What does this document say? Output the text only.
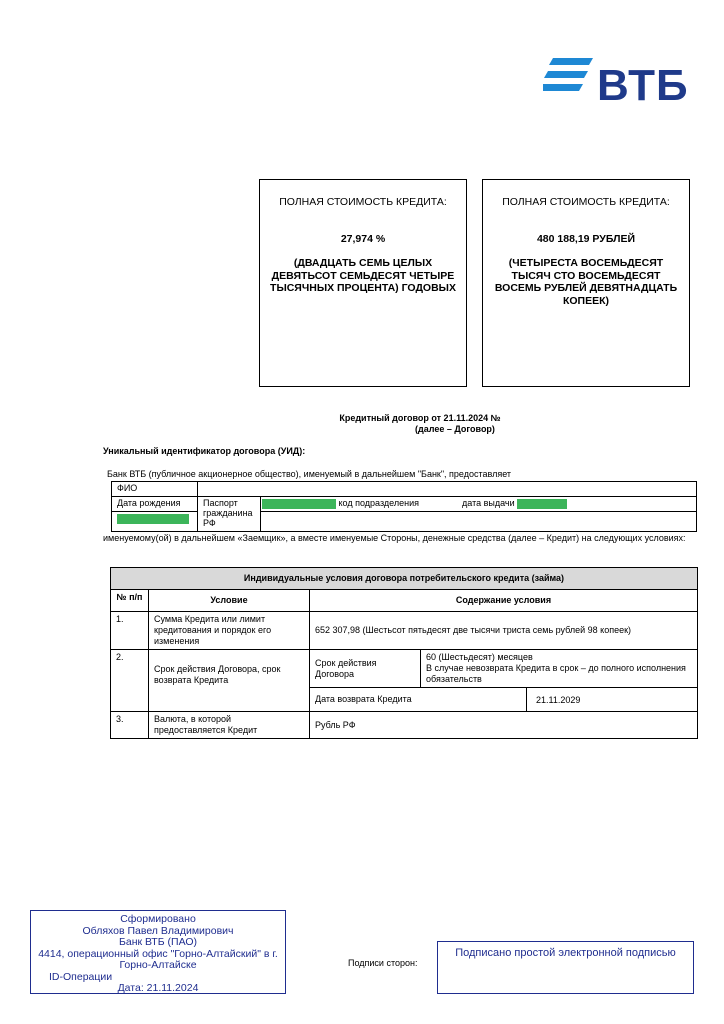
ВТБ
ПОЛНАЯ СТОИМОСТЬ КРЕДИТА:
27,974 %
(ДВАДЦАТЬ СЕМЬ ЦЕЛЫХ ДЕВЯТЬСОТ СЕМЬДЕСЯТ ЧЕТЫРЕ ТЫСЯЧНЫХ ПРОЦЕНТА) ГОДОВЫХ
ПОЛНАЯ СТОИМОСТЬ КРЕДИТА:
480 188,19 РУБЛЕЙ
(ЧЕТЫРЕСТА ВОСЕМЬДЕСЯТ ТЫСЯЧ СТО ВОСЕМЬДЕСЯТ ВОСЕМЬ РУБЛЕЙ ДЕВЯТНАДЦАТЬ КОПЕЕК)
Кредитный договор от 21.11.2024 №
(далее – Договор)
Уникальный идентификатор договора (УИД):
Банк ВТБ (публичное акционерное общество), именуемый в дальнейшем "Банк", предоставляет
ФИО		
Дата рождения	Паспорт гражданина РФ	код подразделения дата выдачи

именуемому(ой) в дальнейшем «Заемщик», а вместе именуемые Стороны, денежные средства (далее – Кредит) на следующих условиях:
Индивидуальные условия договора потребительского кредита (займа)			
№ п/п	Условие	Содержание условия	
1.	Сумма Кредита или лимит кредитования и порядок его изменения	652 307,98 (Шестьсот пятьдесят две тысячи триста семь рублей 98 копеек)	
2.	Срок действия Договора, срок возврата Кредита	Срок действия Договора	60 (Шестьдесят) месяцев
В случае невозврата Кредита в срок – до полного исполнения обязательств

		Дата возврата Кредита 21.11.2029	

3.	Валюта, в которой предоставляется Кредит	Рубль РФ	
Сформировано
Обляхов Павел Владимирович
Банк ВТБ (ПАО)
4414, операционный офис "Горно-Алтайский" в г. Горно-Алтайске
ID-Операции
Дата: 21.11.2024
Подписи сторон:
Подписано простой электронной подписью
